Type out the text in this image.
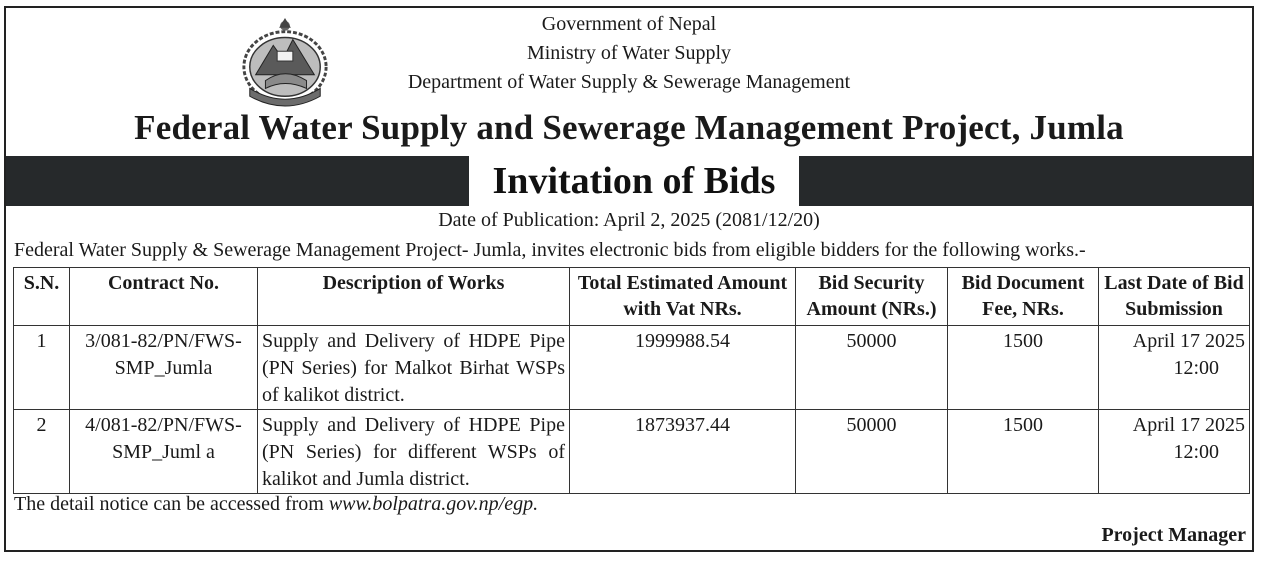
Government of Nepal
Ministry of Water Supply
Department of Water Supply & Sewerage Management
Federal Water Supply and Sewerage Management Project, Jumla
Invitation of Bids
Date of Publication: April 2, 2025 (2081/12/20)
Federal Water Supply & Sewerage Management Project- Jumla, invites electronic bids from eligible bidders for the following works.-
S.N.	Contract No.	Description of Works	Total Estimated Amount with Vat NRs.	Bid Security Amount (NRs.)	Bid Document Fee, NRs.	Last Date of Bid Submission
1	3/081-82/PN/FWS-SMP_Jumla	Supply and Delivery of HDPE Pipe (PN Series) for Malkot Birhat WSPs of kalikot district.	1999988.54	50000	1500	April 17 2025
12:00
2	4/081-82/PN/FWS-SMP_Juml a	Supply and Delivery of HDPE Pipe (PN Series) for different WSPs of kalikot and Jumla district.	1873937.44	50000	1500	April 17 2025
12:00
The detail notice can be accessed from www.bolpatra.gov.np/egp.
Project Manager
